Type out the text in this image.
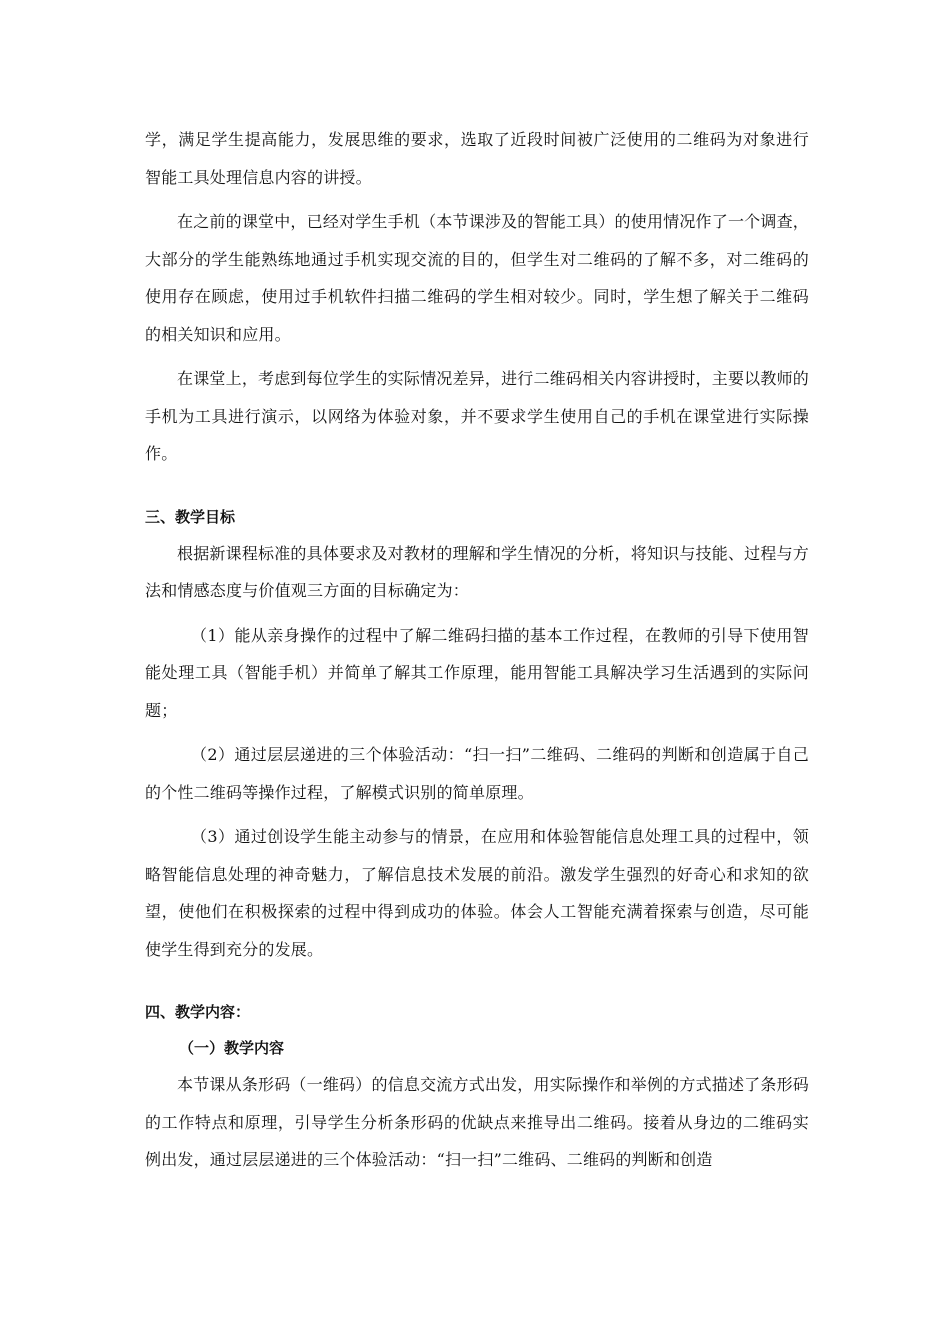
学，满足学生提高能力，发展思维的要求，选取了近段时间被广泛使用的二维码为对象进行智能工具处理信息内容的讲授。

在之前的课堂中，已经对学生手机（本节课涉及的智能工具）的使用情况作了一个调查，大部分的学生能熟练地通过手机实现交流的目的，但学生对二维码的了解不多，对二维码的使用存在顾虑，使用过手机软件扫描二维码的学生相对较少。同时，学生想了解关于二维码的相关知识和应用。

在课堂上，考虑到每位学生的实际情况差异，进行二维码相关内容讲授时，主要以教师的手机为工具进行演示，以网络为体验对象，并不要求学生使用自己的手机在课堂进行实际操作。

三、教学目标

根据新课程标准的具体要求及对教材的理解和学生情况的分析，将知识与技能、过程与方法和情感态度与价值观三方面的目标确定为：

（1）能从亲身操作的过程中了解二维码扫描的基本工作过程，在教师的引导下使用智能处理工具（智能手机）并简单了解其工作原理，能用智能工具解决学习生活遇到的实际问题；

（2）通过层层递进的三个体验活动：“扫一扫”二维码、二维码的判断和创造属于自己的个性二维码等操作过程，了解模式识别的简单原理。

（3）通过创设学生能主动参与的情景，在应用和体验智能信息处理工具的过程中，领略智能信息处理的神奇魅力，了解信息技术发展的前沿。激发学生强烈的好奇心和求知的欲望，使他们在积极探索的过程中得到成功的体验。体会人工智能充满着探索与创造，尽可能使学生得到充分的发展。

四、教学内容：
（一）教学内容

本节课从条形码（一维码）的信息交流方式出发，用实际操作和举例的方式描述了条形码的工作特点和原理，引导学生分析条形码的优缺点来推导出二维码。接着从身边的二维码实例出发，通过层层递进的三个体验活动：“扫一扫”二维码、二维码的判断和创造
